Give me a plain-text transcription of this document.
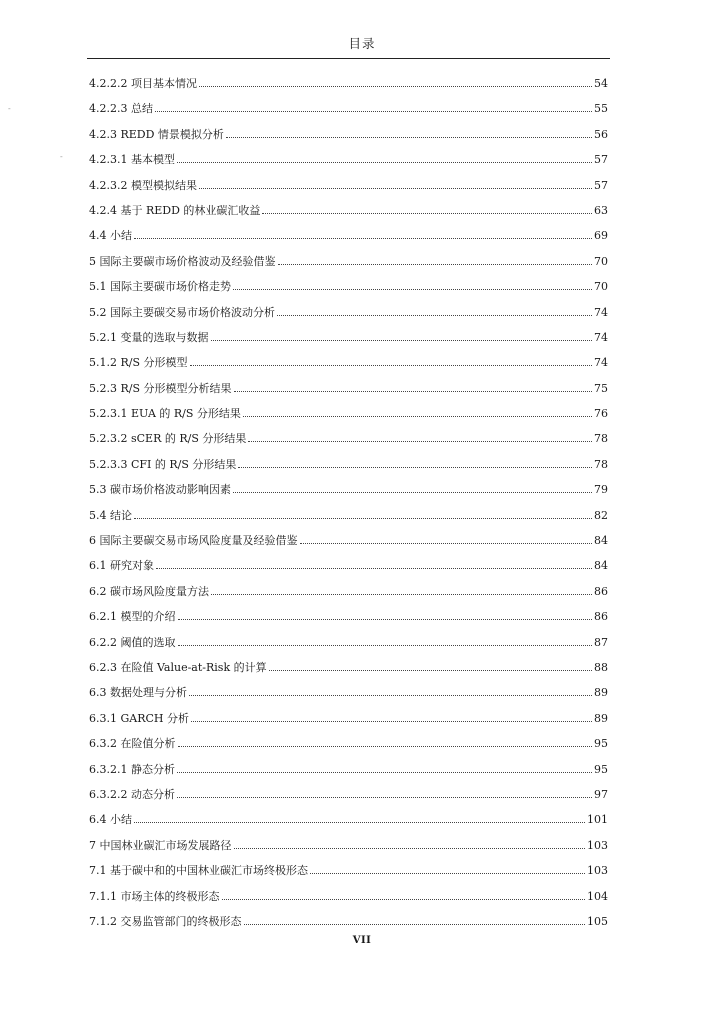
目录
4.2.2.2 项目基本情况	54
4.2.2.3 总结	55
4.2.3 REDD 情景模拟分析	56
4.2.3.1 基本模型	57
4.2.3.2 模型模拟结果	57
4.2.4 基于 REDD 的林业碳汇收益	63
4.4 小结	69
5 国际主要碳市场价格波动及经验借鉴	70
5.1 国际主要碳市场价格走势	70
5.2 国际主要碳交易市场价格波动分析	74
5.2.1 变量的选取与数据	74
5.1.2 R/S 分形模型	74
5.2.3 R/S 分形模型分析结果	75
5.2.3.1 EUA 的 R/S 分形结果	76
5.2.3.2 sCER 的 R/S 分形结果	78
5.2.3.3 CFI 的 R/S 分形结果	78
5.3 碳市场价格波动影响因素	79
5.4 结论	82
6 国际主要碳交易市场风险度量及经验借鉴	84
6.1 研究对象	84
6.2 碳市场风险度量方法	86
6.2.1 模型的介绍	86
6.2.2 阈值的选取	87
6.2.3 在险值 Value-at-Risk 的计算	88
6.3 数据处理与分析	89
6.3.1 GARCH 分析	89
6.3.2 在险值分析	95
6.3.2.1 静态分析	95
6.3.2.2 动态分析	97
6.4 小结	101
7 中国林业碳汇市场发展路径	103
7.1 基于碳中和的中国林业碳汇市场终极形态	103
7.1.1 市场主体的终极形态	104
7.1.2 交易监管部门的终极形态	105
VII
-
-
